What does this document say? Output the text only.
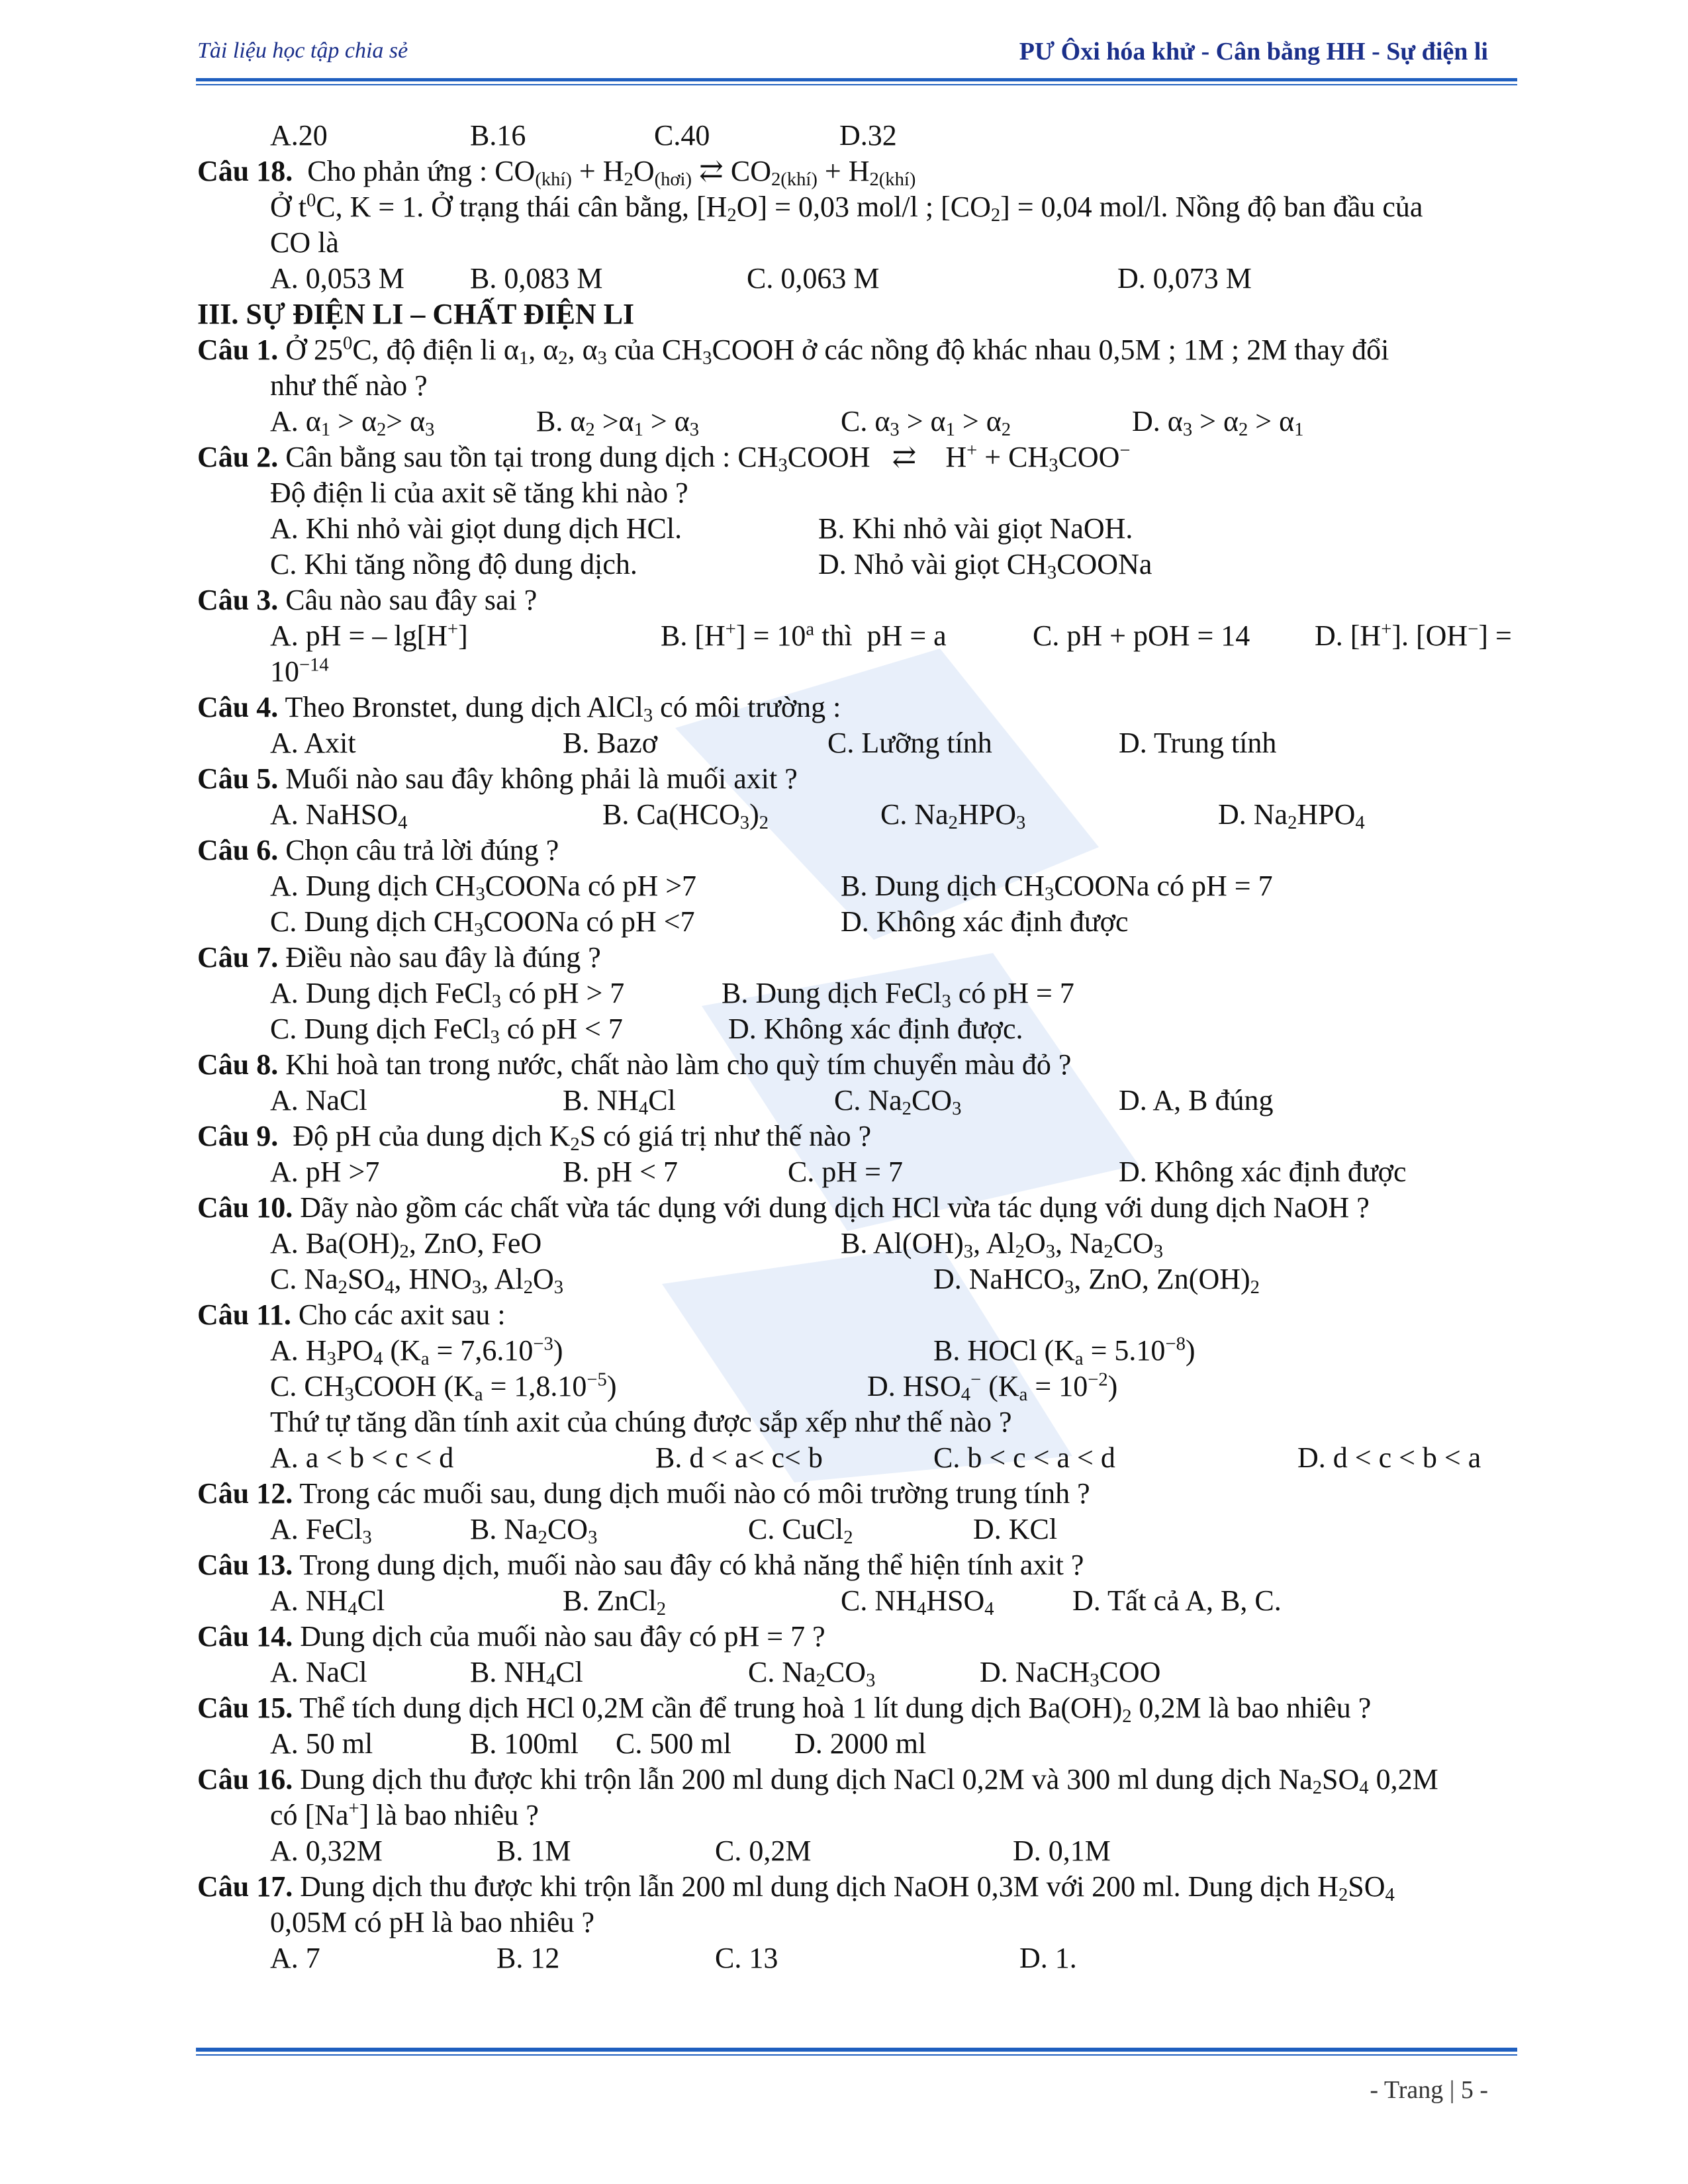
Tài liệu học tập chia sẻ	PƯ Ôxi hóa khử - Cân bằng HH - Sự điện li
A.20	B.16	C.40	D.32
Câu 18.  Cho phản ứng : $CO_{(khí)} + H_2O_{(hơi)}$ ⇄ $CO_{2(khí)} + H_{2(khí)}$
Ở $t^0C$, K = 1. Ở trạng thái cân bằng, $[H_2O] = 0,03$ mol/l ; $[CO_2] = 0,04$ mol/l. Nồng độ ban đầu của
CO là
A. 0,053 M B. 0,083 M	C. 0,063 M	D. 0,073 M
III. SỰ ĐIỆN LI – CHẤT ĐIỆN LI
Câu 1. Ở $25^0C$, độ điện li $\alpha_1$, $\alpha_2$, $\alpha_3$ của $CH_3COOH$ ở các nồng độ khác nhau 0,5M ; 1M ; 2M thay đổi
như thế nào ?
A. $\alpha_1 > \alpha_2> \alpha_3$	B. $\alpha_2 >\alpha_1 > \alpha_3$	C. $\alpha_3 > \alpha_1 > \alpha_2$	D. $\alpha_3 > \alpha_2 > \alpha_1$
Câu 2. Cân bằng sau tồn tại trong dung dịch : $CH_3COOH$   ⇄    $H^+ + CH_3COO^-$
Độ điện li của axit sẽ tăng khi nào ?
A. Khi nhỏ vài giọt dung dịch HCl.	B. Khi nhỏ vài giọt NaOH.
C. Khi tăng nồng độ dung dịch.	D. Nhỏ vài giọt $CH_3COONa$
Câu 3. Câu nào sau đây sai ?
A. pH = – lg[H+]	B. $[H^+] = 10^a$ thì  pH = a	C. pH + pOH = 14 D. [H+]. [OH−] =
$10^{-14}$
Câu 4. Theo Bronstet, dung dịch AlCl$_3$ có môi trường :
A. Axit	B. Bazơ	C. Lưỡng tính	D. Trung tính
Câu 5. Muối nào sau đây không phải là muối axit ?
A. NaHSO$_4$	B. $Ca(HCO_3)_2$	C. $Na_2HPO_3$	D. $Na_2HPO_4$
Câu 6. Chọn câu trả lời đúng ?
A. Dung dịch $CH_3COONa$ có pH >7	B. Dung dịch $CH_3COONa$ có pH = 7
C. Dung dịch $CH_3COONa$ có pH <7	D. Không xác định được
Câu 7. Điều nào sau đây là đúng ?
A. Dung dịch FeCl$_3$ có pH > 7	B. Dung dịch FeCl$_3$ có pH = 7
C. Dung dịch FeCl$_3$ có pH < 7	D. Không xác định được.
Câu 8. Khi hoà tan trong nước, chất nào làm cho quỳ tím chuyển màu đỏ ?
A. NaCl	B. $NH_4Cl$	C. $Na_2CO_3$	D. A, B đúng
Câu 9.  Độ pH của dung dịch $K_2S$ có giá trị như thế nào ?
A. pH >7	B. pH < 7	C. pH = 7	D. Không xác định được
Câu 10. Dãy nào gồm các chất vừa tác dụng với dung dịch HCl vừa tác dụng với dung dịch NaOH ?
A. $Ba(OH)_2$, ZnO, FeO	B. $Al(OH)_3$, $Al_2O_3$, $Na_2CO_3$
C. $Na_2SO_4$, $HNO_3$, $Al_2O_3$	D. NaHCO$_3$, ZnO, $Zn(OH)_2$
Câu 11. Cho các axit sau :
A. $H_3PO_4$ $(K_a = 7,6.10^{-3})$	B. HOCl $(K_a = 5.10^{-8})$
C. $CH_3COOH$ $(K_a = 1,8.10^{-5})$	D. $HSO_4^-$ $(K_a = 10^{-2})$
Thứ tự tăng dần tính axit của chúng được sắp xếp như thế nào ?
A. a < b < c < d	B. d < a< c< b	C. b < c < a < d	D. d < c < b < a
Câu 12. Trong các muối sau, dung dịch muối nào có môi trường trung tính ?
A. FeCl$_3$	B. $Na_2CO_3$	C. CuCl$_2$	D. KCl
Câu 13. Trong dung dịch, muối nào sau đây có khả năng thể hiện tính axit ?
A. $NH_4Cl$	B. ZnCl$_2$	C. $NH_4HSO_4$	D. Tất cả A, B, C.
Câu 14. Dung dịch của muối nào sau đây có pH = 7 ?
A. NaCl	B. $NH_4Cl$	C. $Na_2CO_3$	D. NaCH$_3$COO
Câu 15. Thể tích dung dịch HCl 0,2M cần để trung hoà 1 lít dung dịch $Ba(OH)_2$ 0,2M là bao nhiêu ?
A. 50 ml	B. 100ml C. 500 ml D. 2000 ml
Câu 16. Dung dịch thu được khi trộn lẫn 200 ml dung dịch NaCl 0,2M và 300 ml dung dịch $Na_2SO_4$ 0,2M
có [Na+] là bao nhiêu ?
A. 0,32M	B. 1M	C. 0,2M	D. 0,1M
Câu 17. Dung dịch thu được khi trộn lẫn 200 ml dung dịch NaOH 0,3M với 200 ml. Dung dịch $H_2SO_4$
0,05M có pH là bao nhiêu ?
A. 7	B. 12	C. 13	D. 1.
- Trang | 5 -
